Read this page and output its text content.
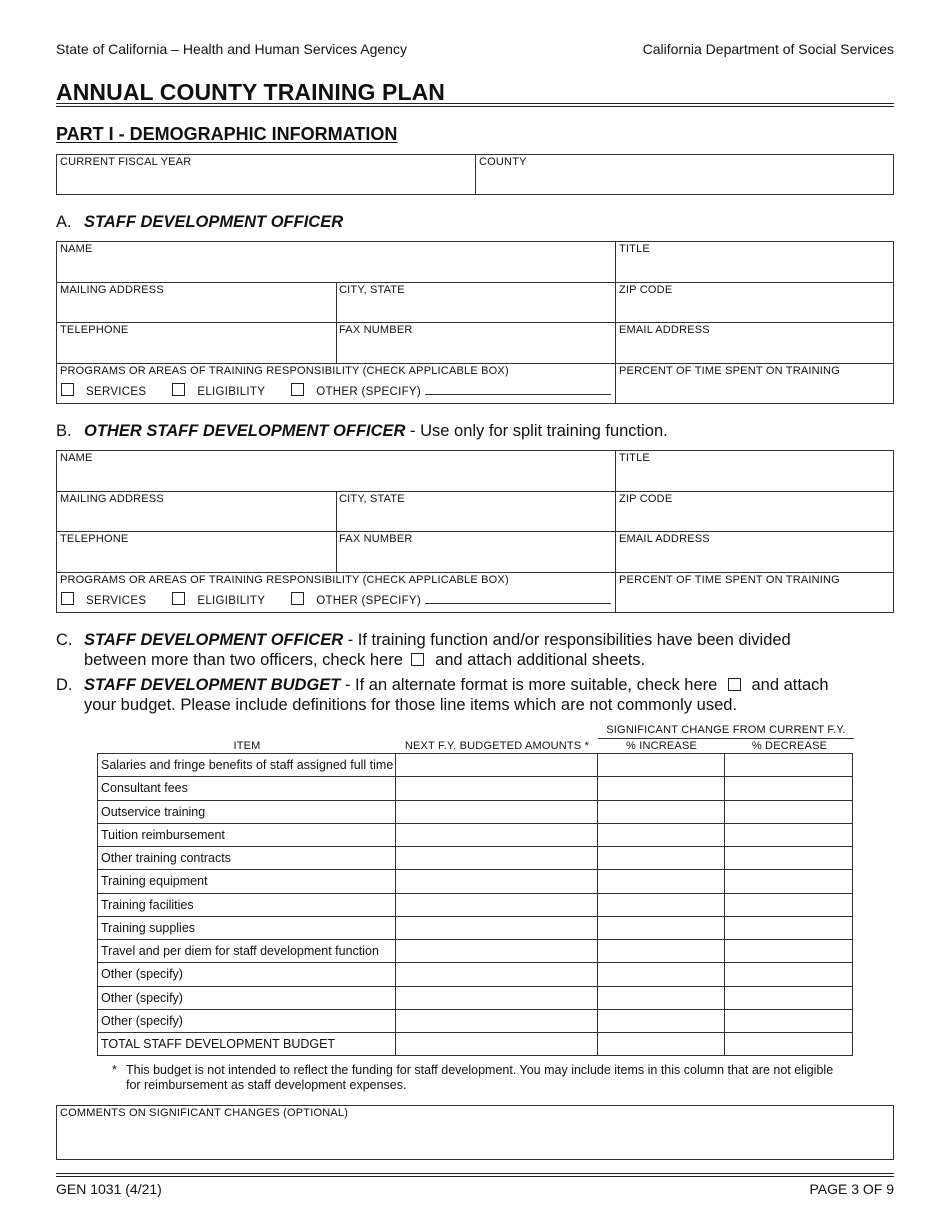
State of California – Health and Human Services Agency	California Department of Social Services
ANNUAL COUNTY TRAINING PLAN
PART I - DEMOGRAPHIC INFORMATION
CURRENT FISCAL YEAR	COUNTY
A. STAFF DEVELOPMENT OFFICER
NAME	TITLE
MAILING ADDRESS	CITY, STATE	ZIP CODE
TELEPHONE	FAX NUMBER	EMAIL ADDRESS
PROGRAMS OR AREAS OF TRAINING RESPONSIBILITY (CHECK APPLICABLE BOX)	PERCENT OF TIME SPENT ON TRAINING
SERVICES	ELIGIBILITY	OTHER (SPECIFY)
B. OTHER STAFF DEVELOPMENT OFFICER - Use only for split training function.
NAME	TITLE
MAILING ADDRESS	CITY, STATE	ZIP CODE
TELEPHONE	FAX NUMBER	EMAIL ADDRESS
PROGRAMS OR AREAS OF TRAINING RESPONSIBILITY (CHECK APPLICABLE BOX)	PERCENT OF TIME SPENT ON TRAINING
SERVICES	ELIGIBILITY	OTHER (SPECIFY)
C. STAFF DEVELOPMENT OFFICER - If training function and/or responsibilities have been divided
between more than two officers, check here and attach additional sheets.
D. STAFF DEVELOPMENT BUDGET - If an alternate format is more suitable, check here and attach
your budget. Please include definitions for those line items which are not commonly used.
SIGNIFICANT CHANGE FROM CURRENT F.Y.
ITEM	NEXT F.Y. BUDGETED AMOUNTS *	% INCREASE	% DECREASE
Salaries and fringe benefits of staff assigned full time			
Consultant fees			
Outservice training			
Tuition reimbursement			
Other training contracts			
Training equipment			
Training facilities			
Training supplies			
Travel and per diem for staff development function			
Other (specify)			
Other (specify)			
Other (specify)			
TOTAL STAFF DEVELOPMENT BUDGET			
* This budget is not intended to reflect the funding for staff development. You may include items in this column that are not eligible
for reimbursement as staff development expenses.
COMMENTS ON SIGNIFICANT CHANGES (OPTIONAL)
GEN 1031 (4/21)	PAGE 3 OF 9
